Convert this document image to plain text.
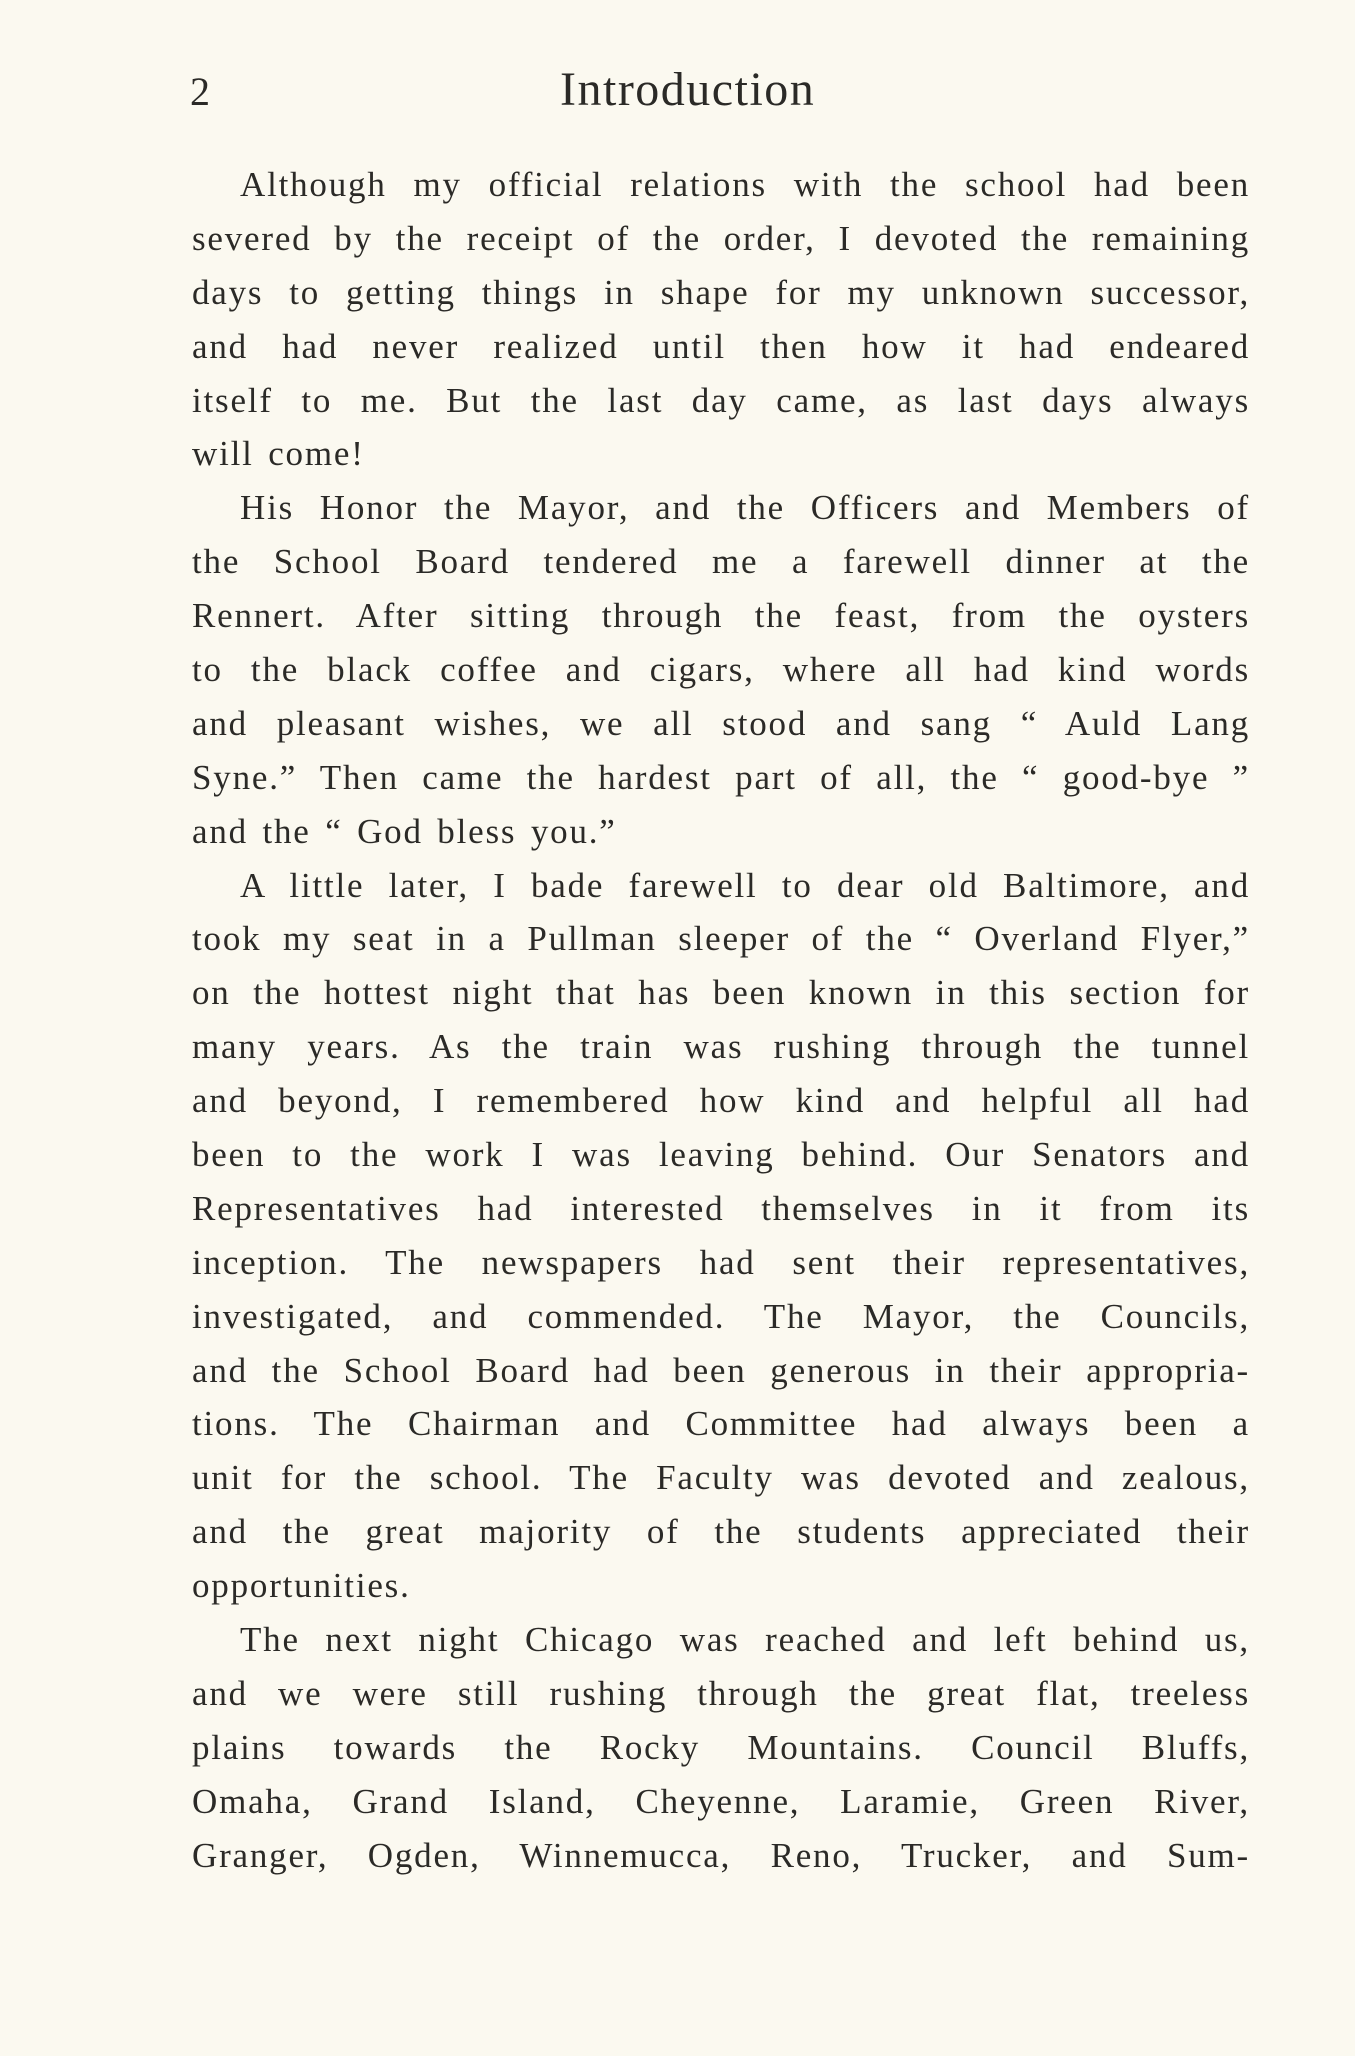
2	Introduction
Although my official relations with the school had been
severed by the receipt of the order, I devoted the remaining
days to getting things in shape for my unknown successor,
and had never realized until then how it had endeared
itself to me. But the last day came, as last days always
will come!
His Honor the Mayor, and the Officers and Members of
the School Board tendered me a farewell dinner at the
Rennert. After sitting through the feast, from the oysters
to the black coffee and cigars, where all had kind words
and pleasant wishes, we all stood and sang “ Auld Lang
Syne.” Then came the hardest part of all, the “ good-bye ”
and the “ God bless you.”
A little later, I bade farewell to dear old Baltimore, and
took my seat in a Pullman sleeper of the “ Overland Flyer,”
on the hottest night that has been known in this section for
many years. As the train was rushing through the tunnel
and beyond, I remembered how kind and helpful all had
been to the work I was leaving behind. Our Senators and
Representatives had interested themselves in it from its
inception. The newspapers had sent their representatives,
investigated, and commended. The Mayor, the Councils,
and the School Board had been generous in their appropria-
tions. The Chairman and Committee had always been a
unit for the school. The Faculty was devoted and zealous,
and the great majority of the students appreciated their
opportunities.
The next night Chicago was reached and left behind us,
and we were still rushing through the great flat, treeless
plains towards the Rocky Mountains. Council Bluffs,
Omaha, Grand Island, Cheyenne, Laramie, Green River,
Granger, Ogden, Winnemucca, Reno, Trucker, and Sum-
